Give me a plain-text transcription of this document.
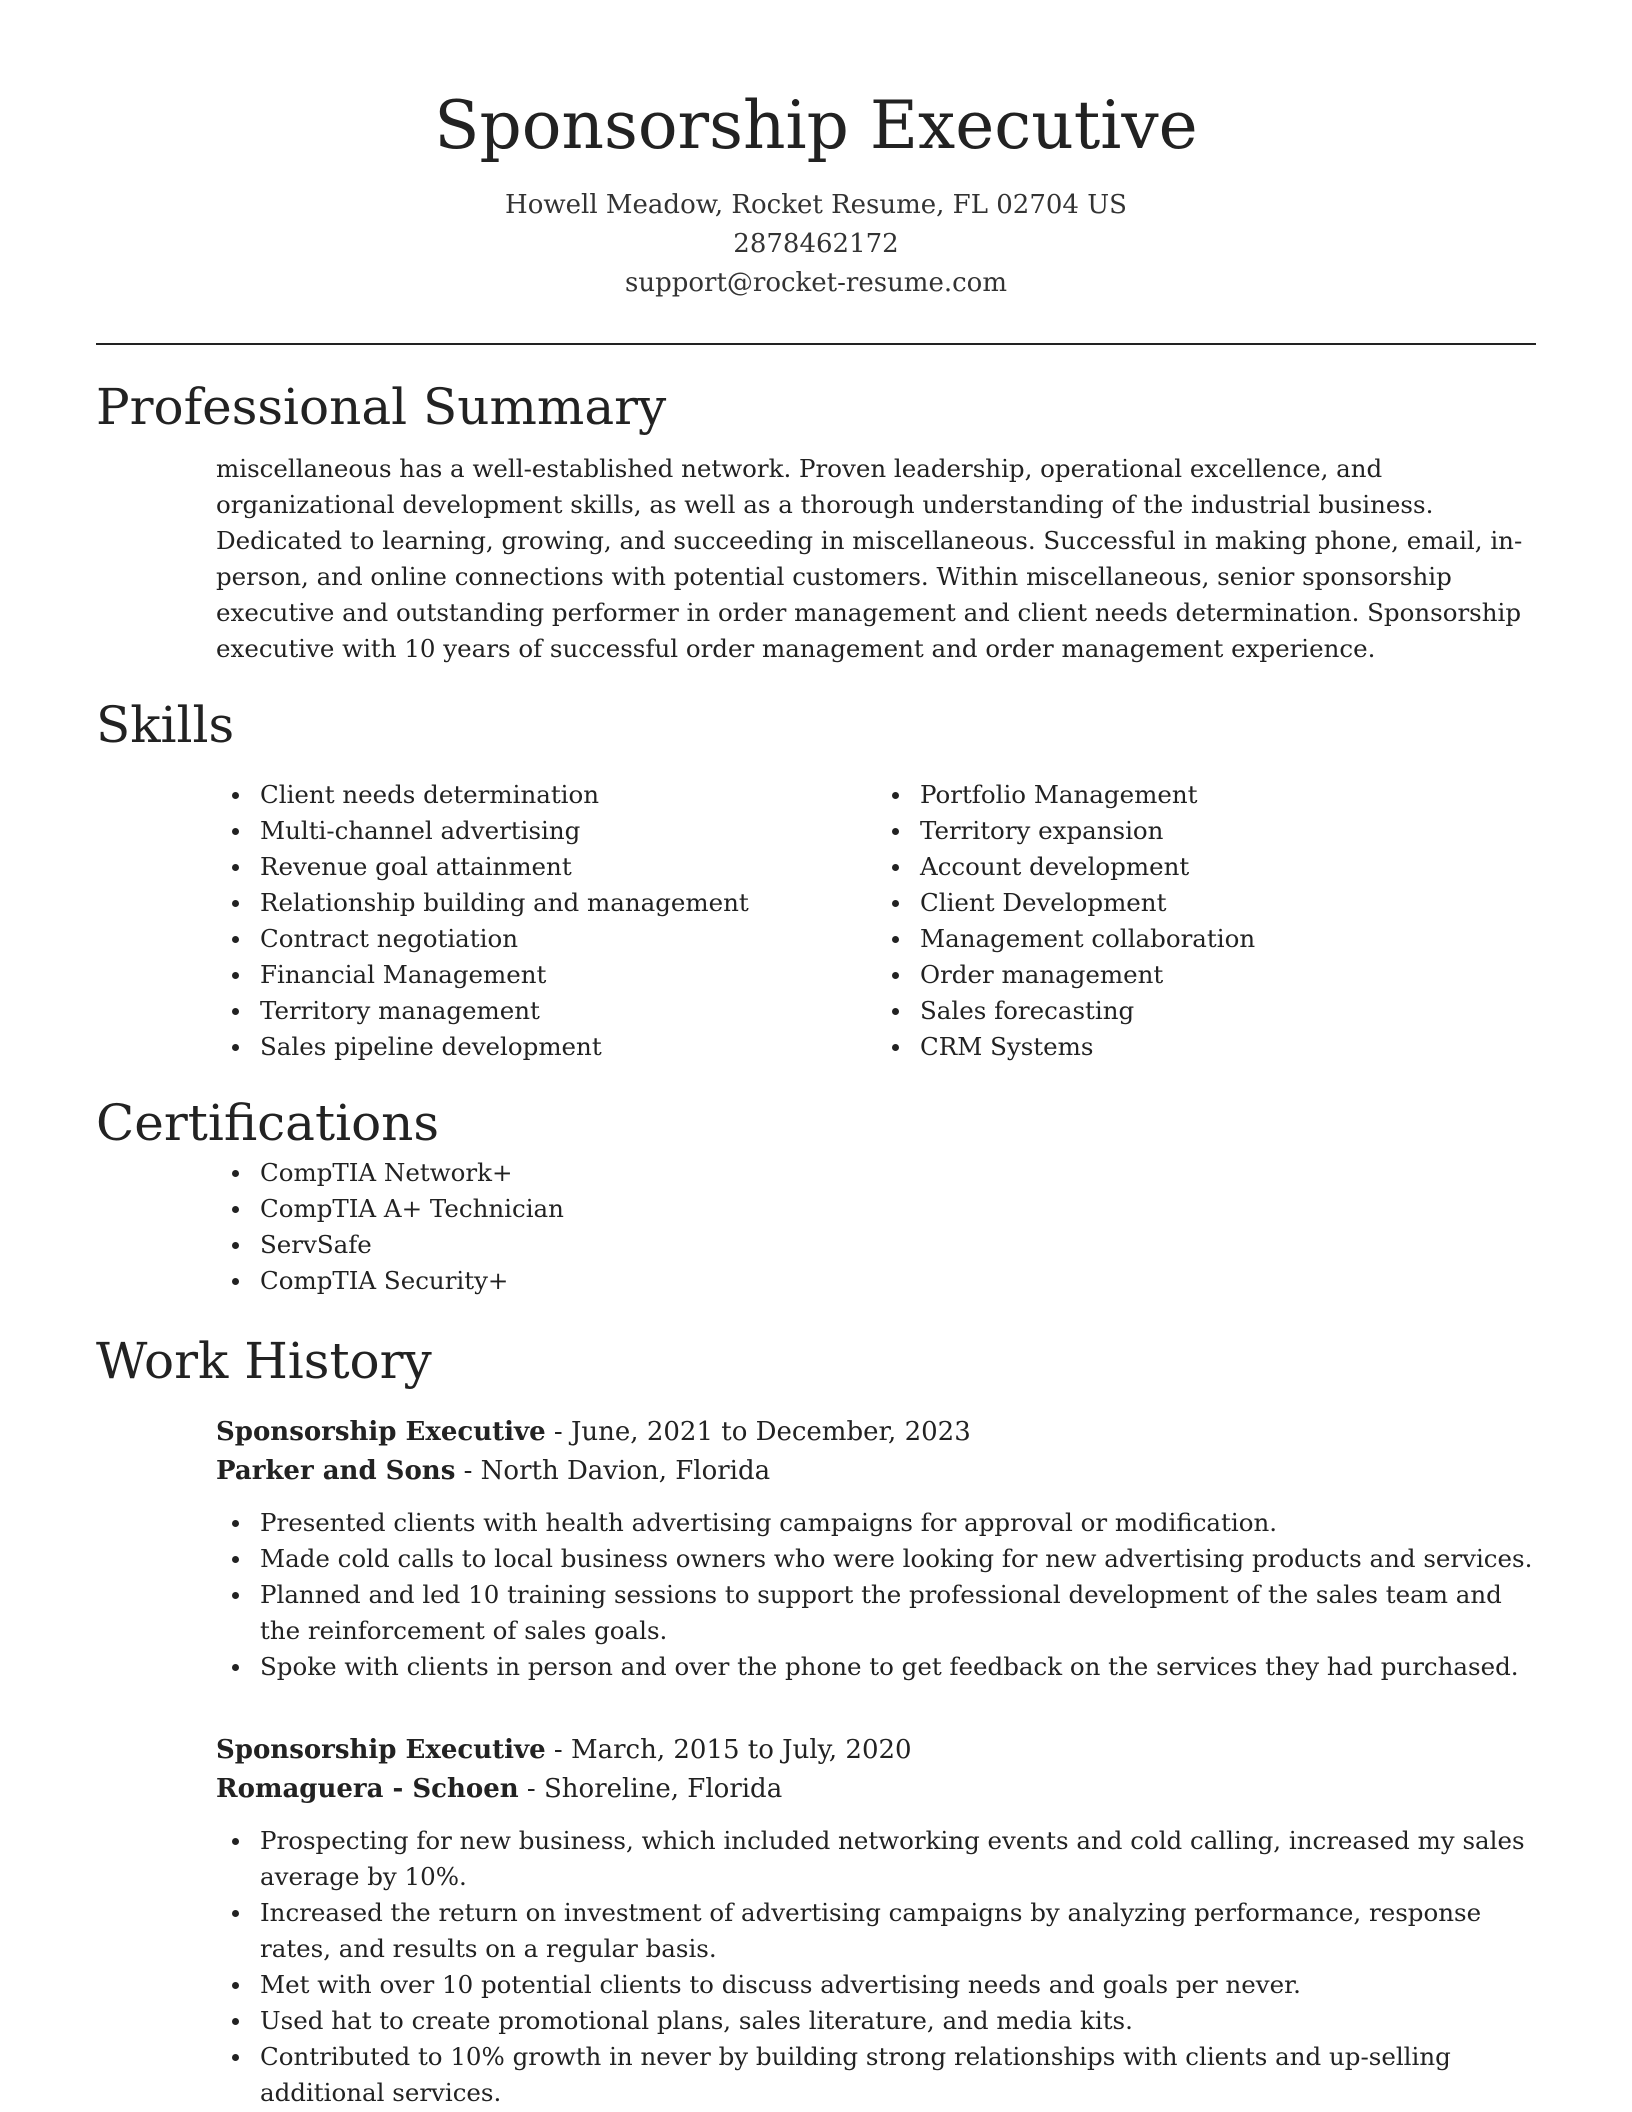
Sponsorship Executive

Howell Meadow, Rocket Resume, FL 02704 US

2878462172

support@rocket-resume.com

Professional Summary

miscellaneous has a well-established network. Proven leadership, operational excellence, and organizational development skills, as well as a thorough understanding of the industrial business. Dedicated to learning, growing, and succeeding in miscellaneous. Successful in making phone, email, in-person, and online connections with potential customers. Within miscellaneous, senior sponsorship executive and outstanding performer in order management and client needs determination. Sponsorship executive with 10 years of successful order management and order management experience.

Skills
Client needs determination
Multi-channel advertising
Revenue goal attainment
Relationship building and management
Contract negotiation
Financial Management
Territory management
Sales pipeline development
Portfolio Management
Territory expansion
Account development
Client Development
Management collaboration
Order management
Sales forecasting
CRM Systems
Certifications
CompTIA Network+
CompTIA A+ Technician
ServSafe
CompTIA Security+
Work History

Sponsorship Executive - June, 2021 to December, 2023

Parker and Sons - North Davion, Florida

Presented clients with health advertising campaigns for approval or modification.
Made cold calls to local business owners who were looking for new advertising products and services.
Planned and led 10 training sessions to support the professional development of the sales team and the reinforcement of sales goals.
Spoke with clients in person and over the phone to get feedback on the services they had purchased.

Sponsorship Executive - March, 2015 to July, 2020

Romaguera - Schoen - Shoreline, Florida

Prospecting for new business, which included networking events and cold calling, increased my sales average by 10%.
Increased the return on investment of advertising campaigns by analyzing performance, response rates, and results on a regular basis.
Met with over 10 potential clients to discuss advertising needs and goals per never.
Used hat to create promotional plans, sales literature, and media kits.
Contributed to 10% growth in never by building strong relationships with clients and up-selling additional services.
